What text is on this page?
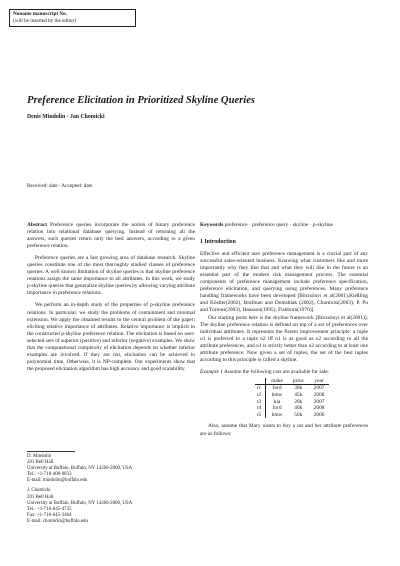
Noname manuscript No.
(will be inserted by the editor)
Preference Elicitation in Prioritized Skyline Queries
Denis Mindolin · Jan Chomicki
Received: date / Accepted: date

Abstract Preference queries incorporate the notion of binary preference relation into relational database querying. Instead of returning all the answers, such queries return only the best answers, according to a given preference relation.

Preference queries are a fast growing area of database research. Skyline queries constitute one of the most thoroughly studied classes of preference queries. A well known limitation of skyline queries is that skyline preference relations assign the same importance to all attributes. In this work, we study p-skyline queries that generalize skyline queries by allowing varying attribute importance in preference relations.

We perform an in-depth study of the properties of p-skyline preference relations. In particular, we study the problems of containment and minimal extension. We apply the obtained results to the central problem of the paper: eliciting relative importance of attributes. Relative importance is implicit in the constructed p-skyline preference relation. The elicitation is based on user-selected sets of superior (positive) and inferior (negative) examples. We show that the computational complexity of elicitation depends on whether inferior examples are involved. If they are not, elicitation can be achieved in polynomial time. Otherwise, it is NP-complete. Our experiments show that the proposed elicitation algorithm has high accuracy and good scalability.

D. Mindolin
201 Bell Hall
University at Buffalo, Buffalo, NY 14260-2000, USA
Tel.: +1-718-408-0833
E-mail: mindolin@buffalo.edu
J. Chomicki
201 Bell Hall
University at Buffalo, Buffalo, NY 14260-2000, USA
Tel.: +1-716-645-4735
Fax: +1-716-645-3464
E-mail: chomicki@buffalo.edu

Keywords preference · preference query · skyline · p-skyline

1 Introduction

Effective and efficient user preference management is a crucial part of any successful sales-oriented business. Knowing what customers like and more importantly why they like that and what they will like in the future is an essential part of the modern risk management process. The essential components of preference management include preference specification, preference elicitation, and querying using preferences. Many preference handling frameworks have been developed [Börzsönyi et al(2001),Kießling and Köstler(2002), Brafman and Domshlak (2002), Chomicki(2003), P. Pu and Torrens(2003), Hansson(1995), Fishburn(1970)].

Our starting point here is the skyline framework [Börzsönyi et al(2001)]. The skyline preference relation is defined on top of a set of preferences over individual attributes. It represents the Pareto improvement principle: a tuple o1 is preferred to a tuple o2 iff o1 is as good as o2 according to all the attribute preferences, and o1 is strictly better than o2 according to at least one attribute preference. Now given a set of tuples, the set of the best tuples according to this principle is called a skyline.

Example 1 Assume the following cars are available for sale.

	make	price	year
t1	ford	30k	2007
t2	bmw	45k	2008
t3	kia	20k	2007
t4	ford	40k	2008
t5	bmw	50k	2006

Also, assume that Mary wants to buy a car and her attribute preferences are as follows:
